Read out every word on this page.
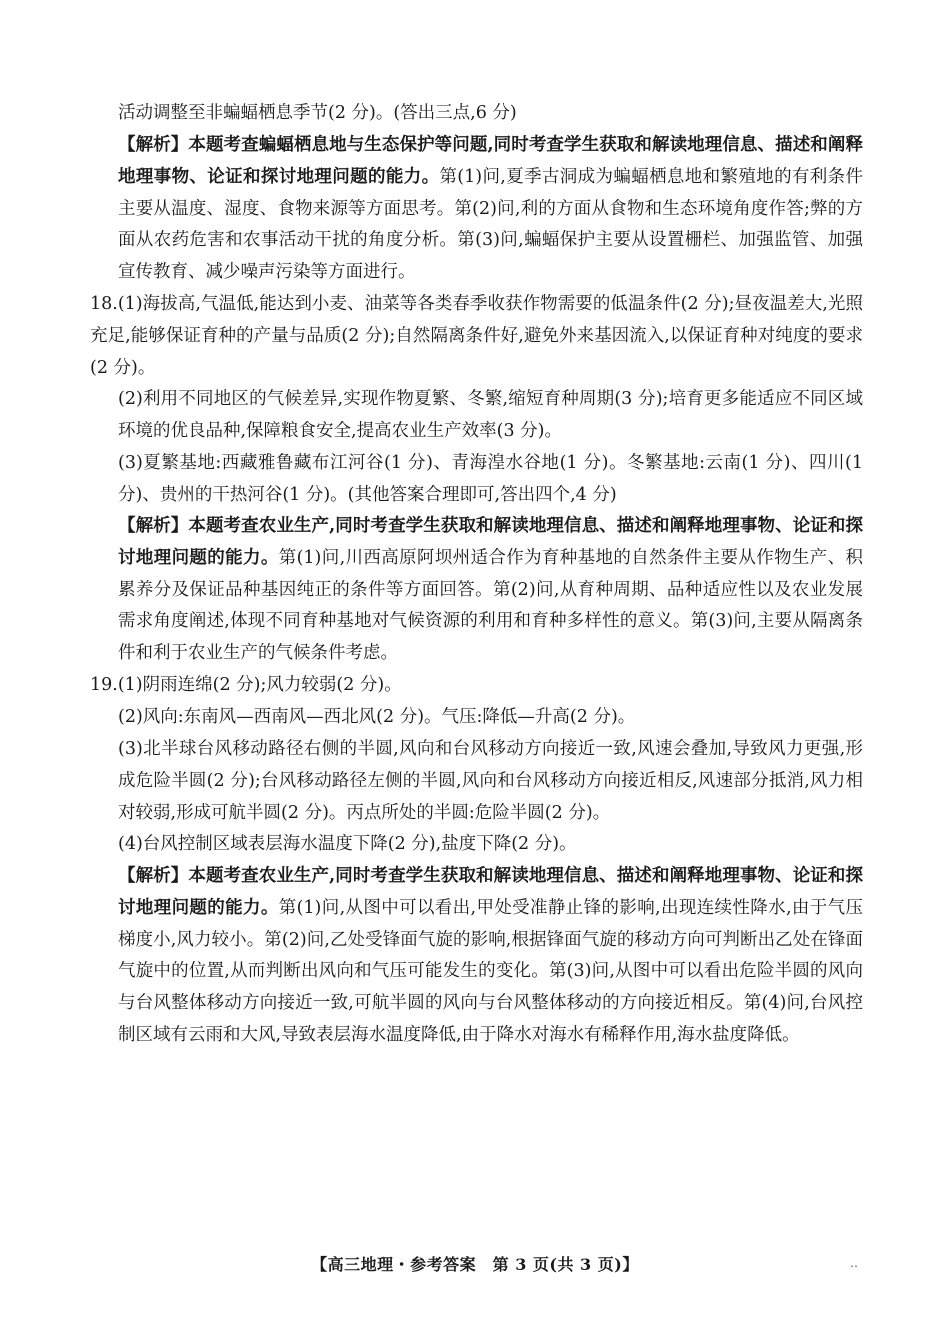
活动调整至非蝙蝠栖息季节(2 分)。(答出三点,6 分)

【解析】本题考查蝙蝠栖息地与生态保护等问题,同时考查学生获取和解读地理信息、描述和阐释地理事物、论证和探讨地理问题的能力。第(1)问,夏季古洞成为蝙蝠栖息地和繁殖地的有利条件主要从温度、湿度、食物来源等方面思考。第(2)问,利的方面从食物和生态环境角度作答;弊的方面从农药危害和农事活动干扰的角度分析。第(3)问,蝙蝠保护主要从设置栅栏、加强监管、加强宣传教育、减少噪声污染等方面进行。

18.(1)海拔高,气温低,能达到小麦、油菜等各类春季收获作物需要的低温条件(2 分);昼夜温差大,光照充足,能够保证育种的产量与品质(2 分);自然隔离条件好,避免外来基因流入,以保证育种对纯度的要求(2 分)。

(2)利用不同地区的气候差异,实现作物夏繁、冬繁,缩短育种周期(3 分);培育更多能适应不同区域环境的优良品种,保障粮食安全,提高农业生产效率(3 分)。

(3)夏繁基地:西藏雅鲁藏布江河谷(1 分)、青海湟水谷地(1 分)。冬繁基地:云南(1 分)、四川(1 分)、贵州的干热河谷(1 分)。(其他答案合理即可,答出四个,4 分)

【解析】本题考查农业生产,同时考查学生获取和解读地理信息、描述和阐释地理事物、论证和探讨地理问题的能力。第(1)问,川西高原阿坝州适合作为育种基地的自然条件主要从作物生产、积累养分及保证品种基因纯正的条件等方面回答。第(2)问,从育种周期、品种适应性以及农业发展需求角度阐述,体现不同育种基地对气候资源的利用和育种多样性的意义。第(3)问,主要从隔离条件和利于农业生产的气候条件考虑。

19.(1)阴雨连绵(2 分);风力较弱(2 分)。

(2)风向:东南风—西南风—西北风(2 分)。气压:降低—升高(2 分)。

(3)北半球台风移动路径右侧的半圆,风向和台风移动方向接近一致,风速会叠加,导致风力更强,形成危险半圆(2 分);台风移动路径左侧的半圆,风向和台风移动方向接近相反,风速部分抵消,风力相对较弱,形成可航半圆(2 分)。丙点所处的半圆:危险半圆(2 分)。

(4)台风控制区域表层海水温度下降(2 分),盐度下降(2 分)。

【解析】本题考查农业生产,同时考查学生获取和解读地理信息、描述和阐释地理事物、论证和探讨地理问题的能力。第(1)问,从图中可以看出,甲处受准静止锋的影响,出现连续性降水,由于气压梯度小,风力较小。第(2)问,乙处受锋面气旋的影响,根据锋面气旋的移动方向可判断出乙处在锋面气旋中的位置,从而判断出风向和气压可能发生的变化。第(3)问,从图中可以看出危险半圆的风向与台风整体移动方向接近一致,可航半圆的风向与台风整体移动的方向接近相反。第(4)问,台风控制区域有云雨和大风,导致表层海水温度降低,由于降水对海水有稀释作用,海水盐度降低。

【高三地理・参考答案　第 3 页(共 3 页)】	‥
